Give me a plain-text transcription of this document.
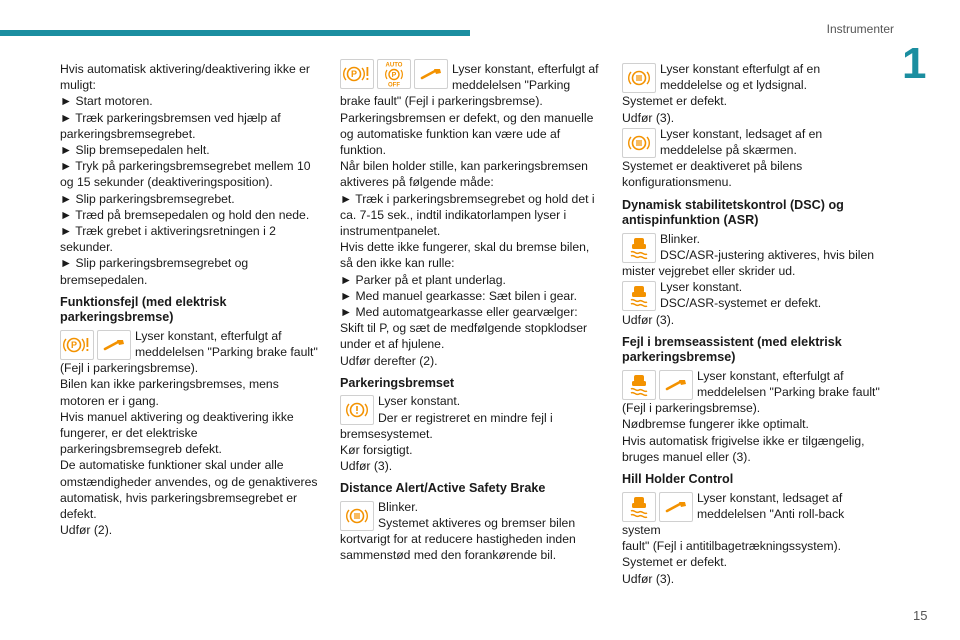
Instrumenter
1
15

Hvis automatisk aktivering/deaktivering ikke er

muligt:

► Start motoren.

► Træk parkeringsbremsen ved hjælp af parkeringsbremsegrebet.

► Slip bremsepedalen helt.

► Tryk på parkeringsbremsegrebet mellem 10 og 15 sekunder (deaktiveringsposition).

► Slip parkeringsbremsegrebet.

► Træd på bremsepedalen og hold den nede.

► Træk grebet i aktiveringsretningen i 2 sekunder.

► Slip parkeringsbremsegrebet og bremsepedalen.

Funktionsfejl (med elektrisk parkeringsbremse)
P

Lyser konstant, efterfulgt af meddelelsen "Parking brake fault"

(Fejl i parkeringsbremse).

Bilen kan ikke parkeringsbremses, mens motoren er i gang.

Hvis manuel aktivering og deaktivering ikke fungerer, er det elektriske parkeringsbremsegreb defekt.

De automatiske funktioner skal under alle omstændigheder anvendes, og de genaktiveres automatisk, hvis parkeringsbremsegrebet er defekt.

Udfør (2).

P
AUTO
P
OFF

Lyser konstant, efterfulgt af meddelelsen "Parking

brake fault" (Fejl i parkeringsbremse).

Parkeringsbremsen er defekt, og den manuelle og automatiske funktion kan være ude af funktion.

Når bilen holder stille, kan parkeringsbremsen aktiveres på følgende måde:

► Træk i parkeringsbremsegrebet og hold det i ca. 7-15 sek., indtil indikatorlampen lyser i instrumentpanelet.

Hvis dette ikke fungerer, skal du bremse bilen, så den ikke kan rulle:

► Parker på et plant underlag.

► Med manuel gearkasse: Sæt bilen i gear.

► Med automatgearkasse eller gearvælger: Skift til P, og sæt de medfølgende stopklodser under et af hjulene.

Udfør derefter (2).

Parkeringsbremset

Lyser konstant.

Der er registreret en mindre fejl i

bremsesystemet.

Kør forsigtigt.

Udfør (3).

Distance Alert/Active Safety Brake

Blinker.

Systemet aktiveres og bremser bilen

kortvarigt for at reducere hastigheden inden sammenstød med den forankørende bil.

Lyser konstant efterfulgt af en meddelelse og et lydsignal.

Systemet er defekt.

Udfør (3).

Lyser konstant, ledsaget af en meddelelse på skærmen.

Systemet er deaktiveret på bilens konfigurationsmenu.

Dynamisk stabilitetskontrol (DSC) og antispinfunktion (ASR)

Blinker.

DSC/ASR-justering aktiveres, hvis bilen

mister vejgrebet eller skrider ud.

Lyser konstant.

DSC/ASR-systemet er defekt.

Udfør (3).

Fejl i bremseassistent (med elektrisk parkeringsbremse)

Lyser konstant, efterfulgt af meddelelsen "Parking brake fault"

(Fejl i parkeringsbremse).

Nødbremse fungerer ikke optimalt.

Hvis automatisk frigivelse ikke er tilgængelig, bruges manuel eller (3).

Hill Holder Control

Lyser konstant, ledsaget af meddelelsen "Anti roll-back system

fault" (Fejl i antitilbagetrækningssystem).

Systemet er defekt.

Udfør (3).
